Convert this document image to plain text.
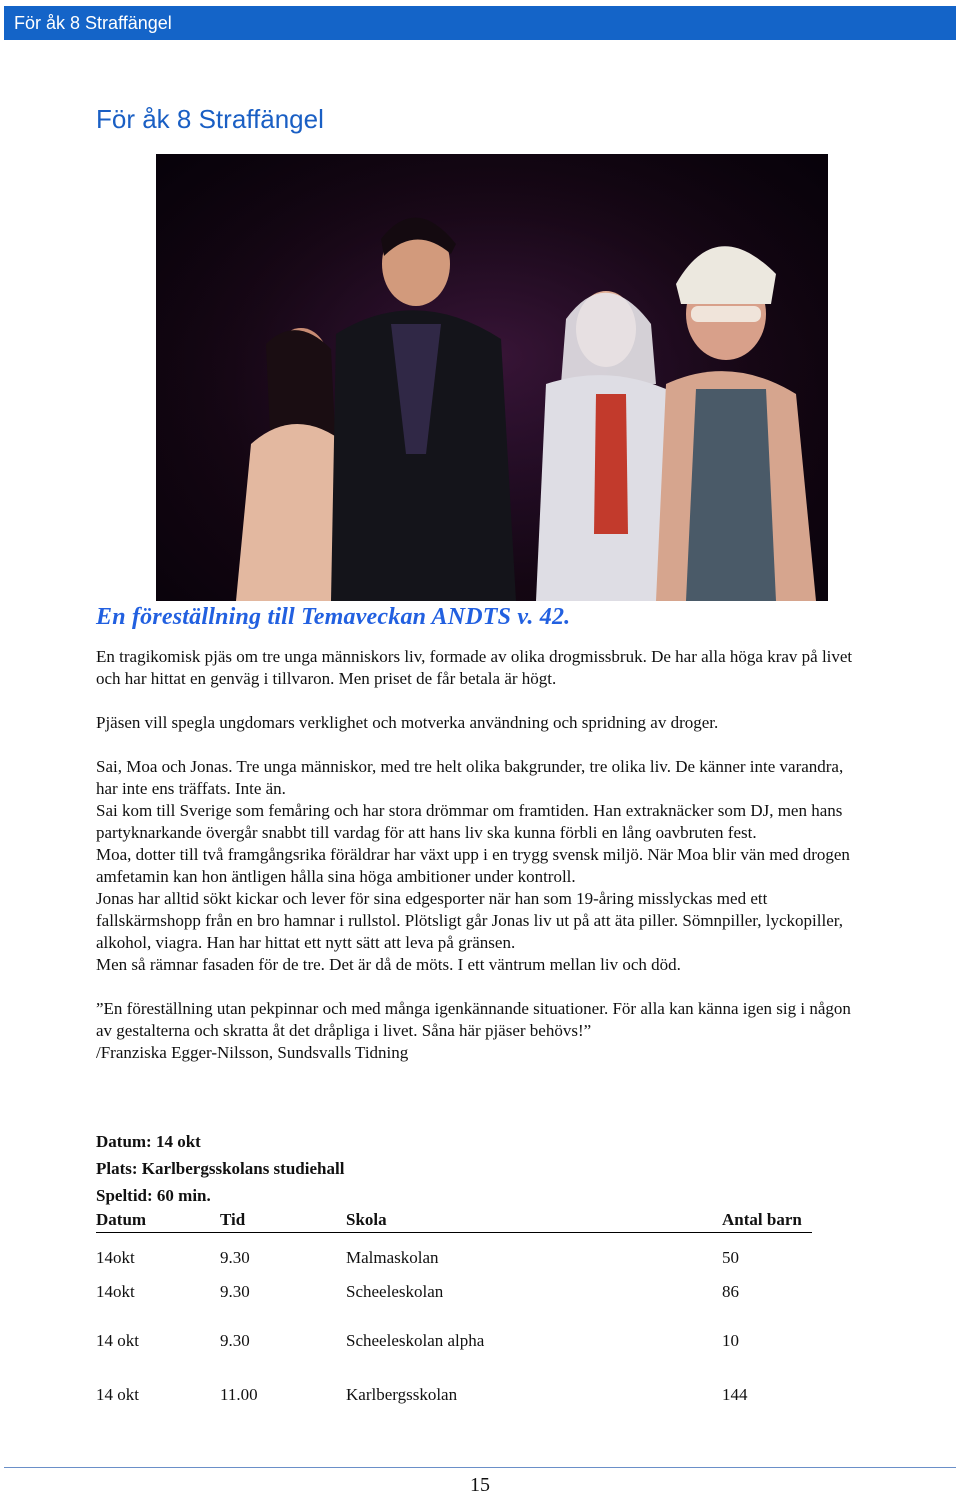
För åk 8 Straffängel
För åk 8 Straffängel
En föreställning till Temaveckan ANDTS v. 42.

En tragikomisk pjäs om tre unga människors liv, formade av olika drogmissbruk. De har alla höga krav på livet och har hittat en genväg i tillvaron. Men priset de får betala är högt.

Pjäsen vill spegla ungdomars verklighet och motverka användning och spridning av droger.

Sai, Moa och Jonas. Tre unga människor, med tre helt olika bakgrunder, tre olika liv. De känner inte varandra, har inte ens träffats. Inte än.

Sai kom till Sverige som femåring och har stora drömmar om framtiden. Han extraknäcker som DJ, men hans partyknarkande övergår snabbt till vardag för att hans liv ska kunna förbli en lång oavbruten fest.

Moa, dotter till två framgångsrika föräldrar har växt upp i en trygg svensk miljö. När Moa blir vän med drogen amfetamin kan hon äntligen hålla sina höga ambitioner under kontroll.

Jonas har alltid sökt kickar och lever för sina edgesporter när han som 19-åring misslyckas med ett fallskärmshopp från en bro hamnar i rullstol. Plötsligt går Jonas liv ut på att äta piller. Sömnpiller, lyckopiller, alkohol, viagra. Han har hittat ett nytt sätt att leva på gränsen.

Men så rämnar fasaden för de tre. Det är då de möts. I ett väntrum mellan liv och död.

”En föreställning utan pekpinnar och med många igenkännande situationer. För alla kan känna igen sig i någon av gestalterna och skratta åt det dråpliga i livet. Såna här pjäser behövs!”

/Franziska Egger-Nilsson, Sundsvalls Tidning

Datum: 14 okt
Plats: Karlbergsskolans studiehall
Speltid: 60 min.
Datum	Tid	Skola	Antal barn
14okt	9.30	Malmaskolan	50
14okt	9.30	Scheeleskolan	86
14 okt	9.30	Scheeleskolan alpha	10
14 okt	11.00	Karlbergsskolan	144
15
